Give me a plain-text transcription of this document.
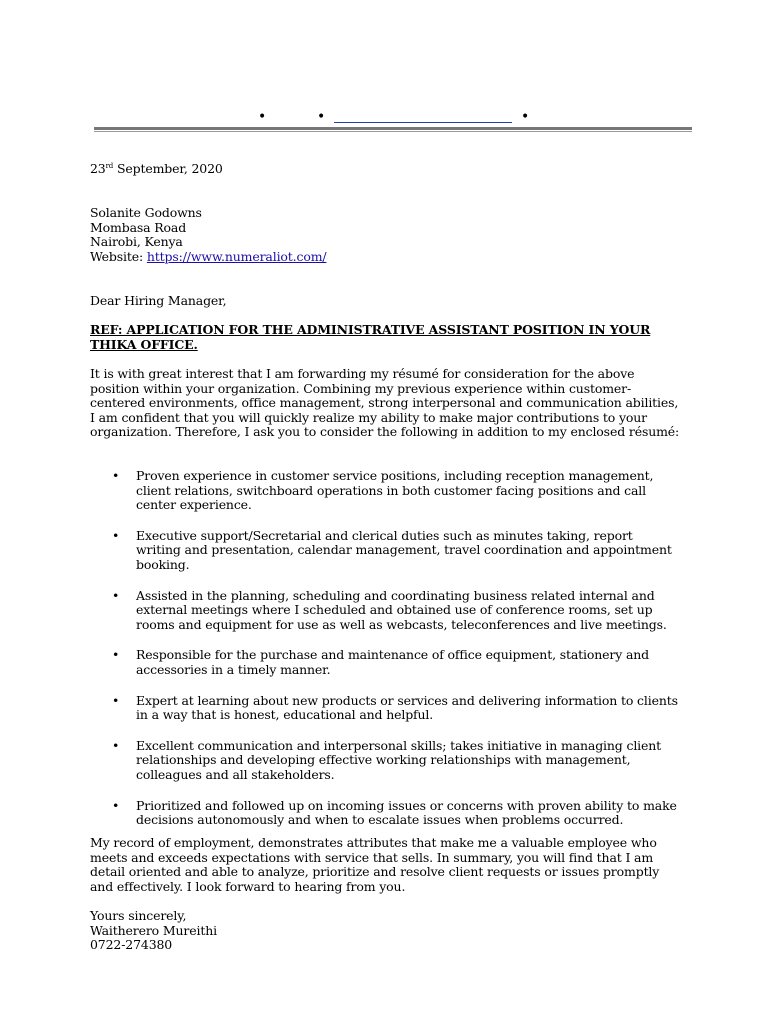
•	•	•
23rd September, 2020
Solanite Godowns
Mombasa Road
Nairobi, Kenya
Website: https://www.numeraliot.com/
Dear Hiring Manager,
REF: APPLICATION FOR THE ADMINISTRATIVE ASSISTANT POSITION IN YOUR THIKA OFFICE.
It is with great interest that I am forwarding my résumé for consideration for the above position within your organization. Combining my previous experience within customer-centered environments, office management, strong interpersonal and communication abilities, I am confident that you will quickly realize my ability to make major contributions to your organization. Therefore, I ask you to consider the following in addition to my enclosed résumé:
• Proven experience in customer service positions, including reception management, client relations, switchboard operations in both customer facing positions and call center experience.
• Executive support/Secretarial and clerical duties such as minutes taking, report writing and presentation, calendar management, travel coordination and appointment booking.
• Assisted in the planning, scheduling and coordinating business related internal and external meetings where I scheduled and obtained use of conference rooms, set up rooms and equipment for use as well as webcasts, teleconferences and live meetings.
• Responsible for the purchase and maintenance of office equipment, stationery and accessories in a timely manner.
• Expert at learning about new products or services and delivering information to clients in a way that is honest, educational and helpful.
• Excellent communication and interpersonal skills; takes initiative in managing client relationships and developing effective working relationships with management, colleagues and all stakeholders.
• Prioritized and followed up on incoming issues or concerns with proven ability to make decisions autonomously and when to escalate issues when problems occurred.
My record of employment, demonstrates attributes that make me a valuable employee who meets and exceeds expectations with service that sells. In summary, you will find that I am detail oriented and able to analyze, prioritize and resolve client requests or issues promptly and effectively. I look forward to hearing from you.
Yours sincerely,
Waitherero Mureithi
0722-274380
